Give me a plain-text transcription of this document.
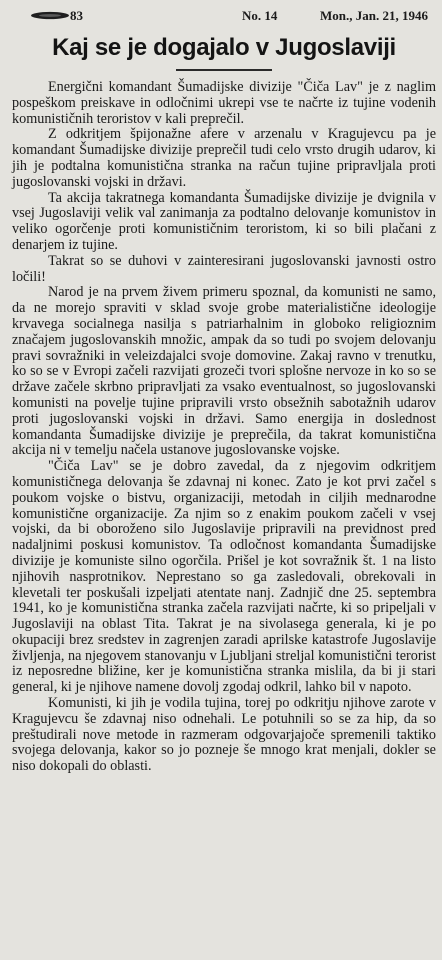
83	No. 14	Mon., Jan. 21, 1946
Kaj se je dogajalo v Jugoslaviji

Energični komandant Šumadijske divizije "Čiča Lav" je z naglim pospeškom preiskave in odločnimi ukrepi vse te načrte iz tujine vodenih komunističnih teroristov v kali preprečil.

Z odkritjem špijonažne afere v arzenalu v Kragujevcu pa je komandant Šumadijske divizije preprečil tudi celo vrsto drugih udarov, ki jih je podtalna komunistična stranka na račun tujine pripravljala proti jugoslovanski vojski in državi.

Ta akcija takratnega komandanta Šumadijske divizije je dvignila v vsej Jugoslaviji velik val zanimanja za podtalno delovanje komunistov in veliko ogorčenje proti komunističnim teroristom, ki so bili plačani z denarjem iz tujine.

Takrat so se duhovi v zainteresirani jugoslovanski javnosti ostro ločili!

Narod je na prvem živem primeru spoznal, da komunisti ne samo, da ne morejo spraviti v sklad svoje grobe materialistične ideologije krvavega socialnega nasilja s patriarhalnim in globoko religioznim značajem jugoslovanskih množic, ampak da so tudi po svojem delovanju pravi sovražniki in veleizdajalci svoje domovine. Zakaj ravno v trenutku, ko so se v Evropi začeli razvijati grozeči tvori splošne nervoze in ko so se države začele skrbno pripravljati za vsako eventualnost, so jugoslovanski komunisti na povelje tujine pripravili vrsto obsežnih sabotažnih udarov proti jugoslovanski vojski in državi. Samo energija in doslednost komandanta Šumadijske divizije je preprečila, da takrat komunistična akcija ni v temelju načela ustanove jugoslovanske vojske.

"Čiča Lav" se je dobro zavedal, da z njegovim odkritjem komunističnega delovanja še zdavnaj ni konec. Zato je kot prvi začel s poukom vojske o bistvu, organizaciji, metodah in ciljih mednarodne komunistične organizacije. Za njim so z enakim poukom začeli v vsej vojski, da bi oboroženo silo Jugoslavije pripravili na previdnost pred nadaljnimi poskusi komunistov. Ta odločnost komandanta Šumadijske divizije je komuniste silno ogorčila. Prišel je kot sovražnik št. 1 na listo njihovih nasprotnikov. Neprestano so ga zasledovali, obrekovali in klevetali ter poskušali izpeljati atentate nanj. Zadnjič dne 25. septembra 1941, ko je komunistična stranka začela razvijati načrte, ki so pripeljali v Jugoslaviji na oblast Tita. Takrat je na sivolasega generala, ki je po okupaciji brez sredstev in zagrenjen zaradi aprilske katastrofe Jugoslavije življenja, na njegovem stanovanju v Ljubljani streljal komunistični terorist iz neposredne bližine, ker je komunistična stranka mislila, da bi ji stari general, ki je njihove namene dovolj zgodaj odkril, lahko bil v napoto.

Komunisti, ki jih je vodila tujina, torej po odkritju njihove zarote v Kragujevcu še zdavnaj niso odnehali. Le potuhnili so se za hip, da so preštudirali nove metode in razmeram odgovarjajoče spremenili taktiko svojega delovanja, kakor so jo pozneje še mnogo krat menjali, dokler se niso dokopali do oblasti.
